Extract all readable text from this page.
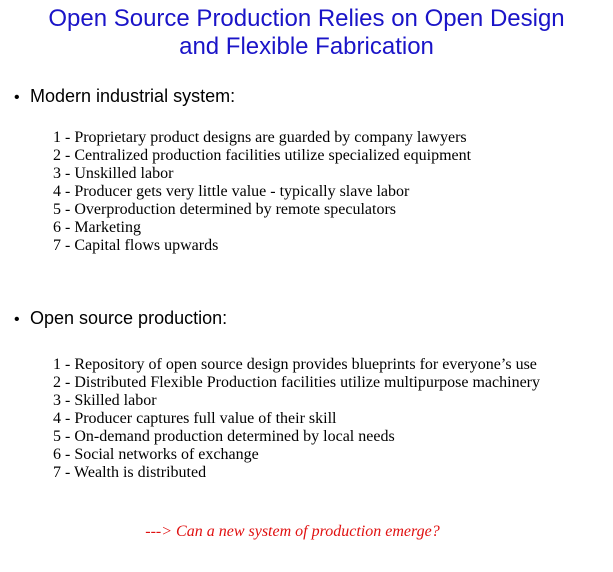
Open Source Production Relies on Open Design
and Flexible Fabrication
• Modern industrial system:
1 - Proprietary product designs are guarded by company lawyers
2 - Centralized production facilities utilize specialized equipment
3 - Unskilled labor
4 - Producer gets very little value - typically slave labor
5 - Overproduction determined by remote speculators
6 - Marketing
7 - Capital flows upwards
• Open source production:
1 - Repository of open source design provides blueprints for everyone’s use
2 - Distributed Flexible Production facilities utilize multipurpose machinery
3 - Skilled labor
4 - Producer captures full value of their skill
5 - On-demand production determined by local needs
6 - Social networks of exchange
7 - Wealth is distributed
---> Can a new system of production emerge?
